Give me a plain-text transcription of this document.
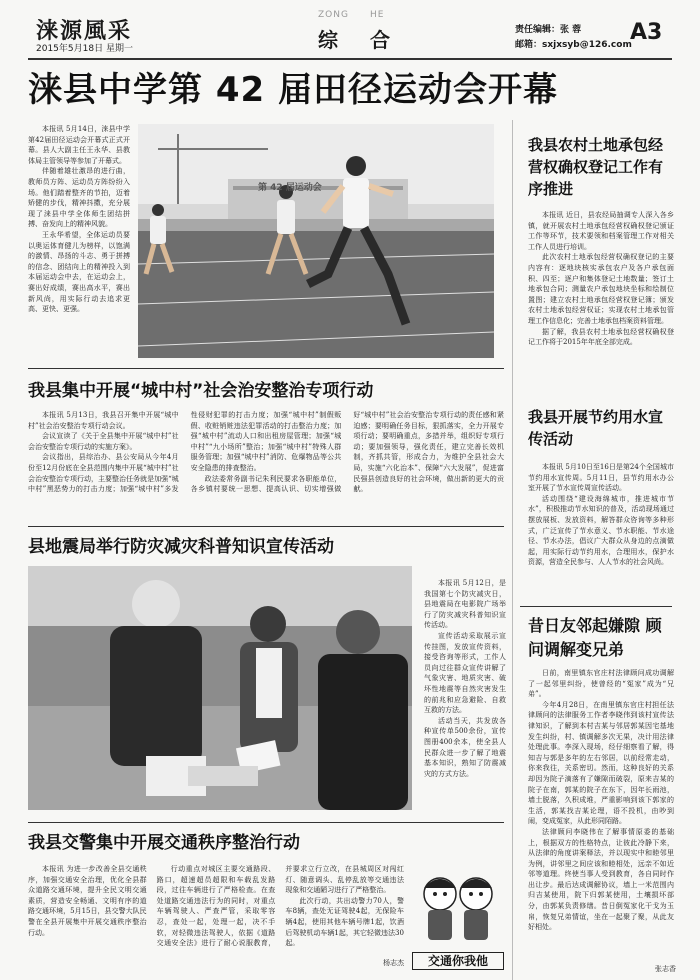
涞源風采
2015年5月18日 星期一
ZONG HE
综 合	责任编辑：张 蓉
邮箱：sxjxsyb@126.com
A3
涞县中学第 42 届田径运动会开幕

本报讯 5月14日，涞县中学第42届田径运动会开幕式正式开幕。县人大副主任王永华、县教体局主管领导等参加了开幕式。

伴随着雄壮激昂的进行曲，教师员方阵、运动员方阵纷纷入场。他们踏着整齐的节拍，迈着矫健的步伐，精神抖擞，充分展现了涞县中学全体师生团结拼搏、奋发向上的精神风貌。

王永华希望，全体运动员要以奥运体育健儿为榜样，以饱满的激情、昂扬的斗志、勇于拼搏的信念、团结向上的精神投入到本届运动会中去，在运动会上，赛出好成绩，赛出高水平，赛出新风尚，用实际行动去追求更高、更快、更强。

第 42 届运动会
我县农村土地承包经营权确权登记工作有序推进

本报讯 近日，县农经局抽调专人深入各乡镇，就开展农村土地承包经营权确权登记颁证工作等环节，技术要领和档案管理工作对相关工作人员进行培训。

此次农村土地承包经营权确权登记的主要内容有：逐地块核实承包农户及各户承包面积、四至；逐户和集体登记土地数量；签订土地承包合同；测量农户承包地块坐标和绘制位置图；建立农村土地承包经营权登记簿；颁发农村土地承包经营权证；实现农村土地承包管理工作信息化；完善土地承包档案资料管理。

据了解，我县农村土地承包经营权确权登记工作将于2015年年底全部完成。

我县集中开展“城中村”社会治安整治专项行动

本报讯 5月13日，我县召开集中开展“城中村”社会治安整治专项行动会议。

会议宣读了《关于全县集中开展“城中村”社会治安整治专项行动的实施方案》。

会议指出，县综治办、县公安局从今年4月份至12月份底在全县范围内集中开展“城中村”社会治安整治专项行动，主要整治任务就是加强“城中村”黑恶势力的打击力度；加强“城中村”多发性侵财犯罪的打击力度；加强“城中村”制假贩假、收赃销赃违法犯罪活动的打击整治力度；加强“城中村”流动人口和出租房屋管理；加强“城中村”“九小场所”整治；加强“城中村”特殊人群服务管理；加强“城中村”消防、危爆物品等公共安全隐患的排查整治。

政法委常务副书记朱利民要求各职能单位，各乡镇村要统一思想、提高认识、切实增强做好“城中村”社会治安整治专项行动的责任感和紧迫感；要明确任务目标，狠抓落实，全力开展专项行动；要明确重点，多措并举，组织好专项行动；要加强领导，强化责任，建立完善长效机制，齐抓共管，形成合力，为维护全县社会大局，实施“六化治本”、保障“六大发展”，促进富民强县创造良好的社会环境，做出新的更大的贡献。

我县开展节约用水宣传活动

本报讯 5月10日至16日是第24个全国城市节约用水宣传周。5月11日，县节约用水办公室开展了节水宣传周宣传活动。

活动围绕“建设海绵城市，推进城市节水”，积极推动节水知识的普及，活动现场通过摆放展板、发放资料，解答群众咨询等多种形式，广泛宣传了节水意义、节水职能、节水途径、节水办法，倡议广大群众从身边的点滴做起，用实际行动节约用水，合理用水，保护水资源，营造全民参与、人人节水的社会风尚。

县地震局举行防灾减灾科普知识宣传活动

本报讯 5月12日，是我国第七个防灾减灾日，县地震局在电影院广场举行了防灾减灾科普知识宣传活动。

宣传活动采取展示宣传挂图，发放宣传资料，接受咨询等形式，工作人员向过往群众宣传讲解了气象灾害、地质灾害、破坏性地震等自然灾害发生的前兆和应急避险、自救互救的方法。

活动当天，共发放各种宣传单500余份，宣传图册400余本，使全县人民群众进一步了解了地震基本知识，熟知了防震减灾的方式方法。

昔日友邻起嫌隙 顾问调解变兄弟

日前，南里镇东官庄村法律顾问成功调解了一起邻里纠纷，使曾经的“冤家”成为“兄弟”。

今年4月28日，在南里镇东官庄村担任法律顾问的法律服务工作者李晓伟到该村宣传法律知识，了解到本村吉某与邻居郭某因宅基地发生纠纷，村、镇调解多次无果，决计用法律处理此事。李深入现场，经仔细察看了解，得知吉与郭是多年的左右邻居，以前经常走动，你来我往，关系密切。然而，这种良好的关系却因为院子滴落有了嫌隙而破裂，原来吉某的院子在南，郭某的院子在东下，因年长雨池，墙土脱落，久积成堆，严重影响到该下郭家的生活，郭某找吉某论理，语不投机，由吵到闹，变成冤家，从此形同陌路。

法律顾问李晓伟在了解事情原委的基础上，根据双方的性格特点，让彼此冷静下来，从法律的角度讲案释法，并以现实中和睦邻里为例，讲邻里之间应该和睦相处，远亲不如近邻等道理。终使当事人受到教育，各自同时作出让步。最后达成调解协议，墙上一米范围内归吉某使用，院下归郭某使用，土壤损坏部分，由郭某负责修缮。昔日倒冤家化干戈为玉帛，恢复兄弟情谊，坐在一起聚了聚，从此友好相处。

张志香
我县交警集中开展交通秩序整治行动

本报讯 为进一步改善全县交通秩序，加强交通安全治理，优化全县群众道路交通环境，提升全民文明交通素质，营造安全畅通、文明有序的道路交通环境，5月15日，县交警大队民警在全县开展集中开展交通秩序整治行动。

行动重点对城区主要交通路段、路口，超速超员超限和车载乱发路段，过往车辆进行了严格检查。在查处道路交通违法行为的同时，对重点车辆驾驶人、严查严管，采取零容忍，查处一起，处理一起，决不手软，对轻微违法驾驶人，依据《道路交通安全法》进行了耐心说服教育，并要求立行立改，在县城周区对闯红灯、随意调头、乱停乱放等交通违法现象和交通陋习进行了严格整治。

此次行动，共出动警力70人，警车8辆，查处无证驾驶4起，无保险车辆4起，使用其他车辆号牌1起，饮酒后驾驶机动车辆1起，其它轻微违法30起。

杨志杰	交通你我他
